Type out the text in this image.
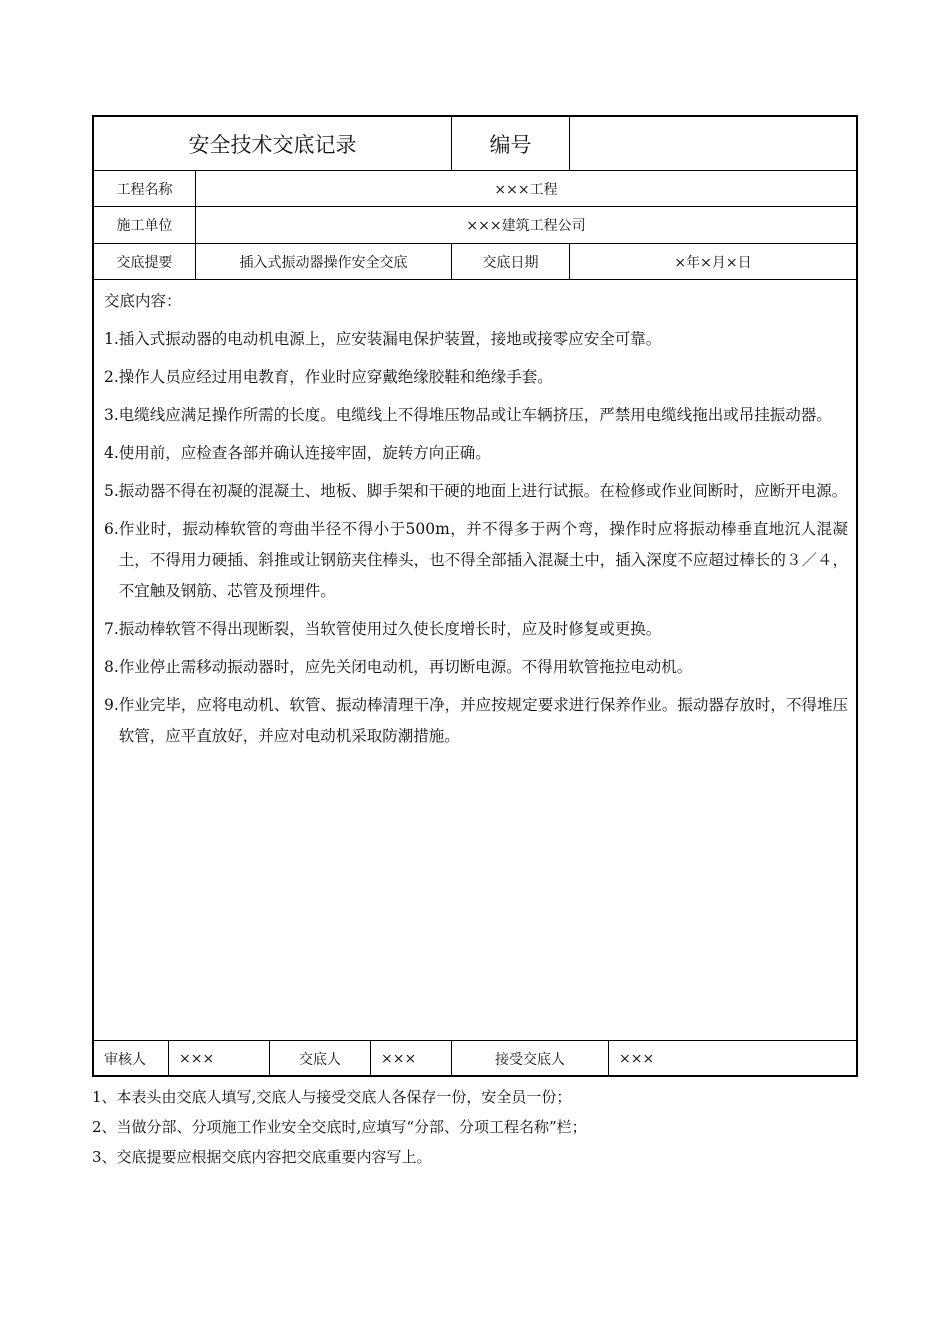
安全技术交底记录	编号
工程名称	×××工程
施工单位	×××建筑工程公司
交底提要	插入式振动器操作安全交底	交底日期	×年×月×日
交底内容：
1. 插入式振动器的电动机电源上，应安装漏电保护装置，接地或接零应安全可靠。
2. 操作人员应经过用电教育，作业时应穿戴绝缘胶鞋和绝缘手套。
3. 电缆线应满足操作所需的长度。电缆线上不得堆压物品或让车辆挤压，严禁用电缆线拖出或吊挂振动器。
4. 使用前，应检查各部并确认连接牢固，旋转方向正确。
5. 振动器不得在初凝的混凝土、地板、脚手架和干硬的地面上进行试振。在检修或作业间断时，应断开电源。
6. 作业时，振动棒软管的弯曲半径不得小于500m，并不得多于两个弯，操作时应将振动棒垂直地沉人混凝土，不得用力硬插、斜推或让钢筋夹住棒头，也不得全部插入混凝土中，插入深度不应超过棒长的３／４，不宜触及钢筋、芯管及预埋件。
7. 振动棒软管不得出现断裂，当软管使用过久使长度增长时，应及时修复或更换。
8. 作业停止需移动振动器时，应先关闭电动机，再切断电源。不得用软管拖拉电动机。
9. 作业完毕，应将电动机、软管、振动棒清理干净，并应按规定要求进行保养作业。振动器存放时，不得堆压软管，应平直放好，并应对电动机采取防潮措施。
审核人	×××	交底人	×××	接受交底人	×××
1、本表头由交底人填写,交底人与接受交底人各保存一份，安全员一份；
2、当做分部、分项施工作业安全交底时,应填写“分部、分项工程名称”栏；
3、交底提要应根据交底内容把交底重要内容写上。
